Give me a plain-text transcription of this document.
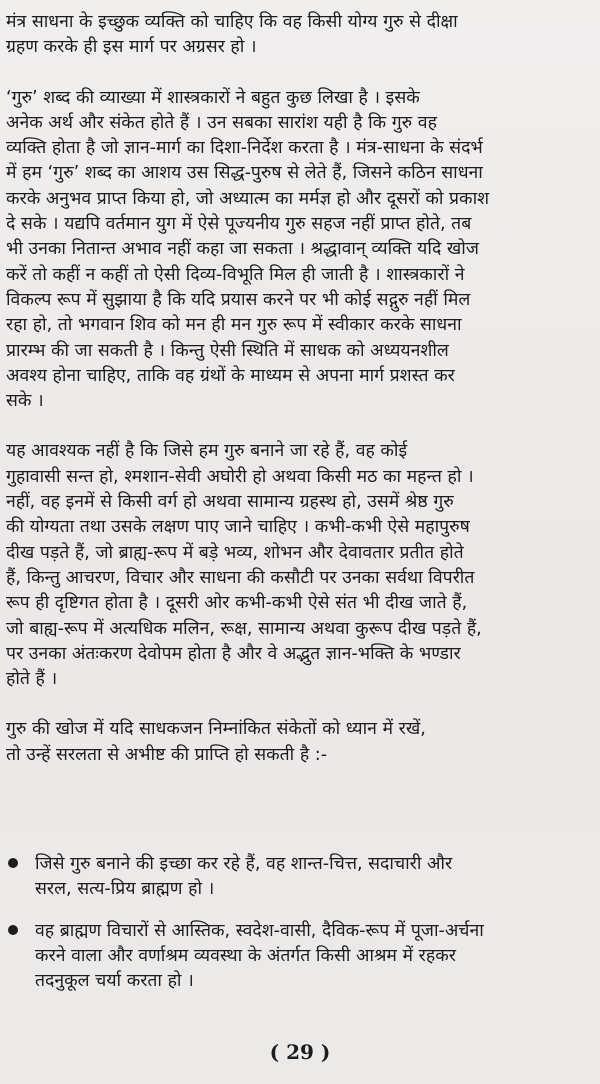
मंत्र साधना के इच्छुक व्यक्ति को चाहिए कि वह किसी योग्य गुरु से दीक्षा
ग्रहण करके ही इस मार्ग पर अग्रसर हो ।
‘गुरु’ शब्द की व्याख्या में शास्त्रकारों ने बहुत कुछ लिखा है । इसके
अनेक अर्थ और संकेत होते हैं । उन सबका सारांश यही है कि गुरु वह
व्यक्ति होता है जो ज्ञान-मार्ग का दिशा-निर्देश करता है । मंत्र-साधना के संदर्भ
में हम ‘गुरु’ शब्द का आशय उस सिद्ध-पुरुष से लेते हैं, जिसने कठिन साधना
करके अनुभव प्राप्त किया हो, जो अध्यात्म का मर्मज्ञ हो और दूसरों को प्रकाश
दे सके । यद्यपि वर्तमान युग में ऐसे पूज्यनीय गुरु सहज नहीं प्राप्त होते, तब
भी उनका नितान्त अभाव नहीं कहा जा सकता । श्रद्धावान् व्यक्ति यदि खोज
करें तो कहीं न कहीं तो ऐसी दिव्य-विभूति मिल ही जाती है । शास्त्रकारों ने
विकल्प रूप में सुझाया है कि यदि प्रयास करने पर भी कोई सद्गुरु नहीं मिल
रहा हो, तो भगवान शिव को मन ही मन गुरु रूप में स्वीकार करके साधना
प्रारम्भ की जा सकती है । किन्तु ऐसी स्थिति में साधक को अध्ययनशील
अवश्य होना चाहिए, ताकि वह ग्रंथों के माध्यम से अपना मार्ग प्रशस्त कर
सके ।
यह आवश्यक नहीं है कि जिसे हम गुरु बनाने जा रहे हैं, वह कोई
गुहावासी सन्त हो, श्मशान-सेवी अघोरी हो अथवा किसी मठ का महन्त हो ।
नहीं, वह इनमें से किसी वर्ग हो अथवा सामान्य ग्रहस्थ हो, उसमें श्रेष्ठ गुरु
की योग्यता तथा उसके लक्षण पाए जाने चाहिए । कभी-कभी ऐसे महापुरुष
दीख पड़ते हैं, जो ब्राह्य-रूप में बड़े भव्य, शोभन और देवावतार प्रतीत होते
हैं, किन्तु आचरण, विचार और साधना की कसौटी पर उनका सर्वथा विपरीत
रूप ही दृष्टिगत होता है । दूसरी ओर कभी-कभी ऐसे संत भी दीख जाते हैं,
जो बाह्य-रूप में अत्यधिक मलिन, रूक्ष, सामान्य अथवा कुरूप दीख पड़ते हैं,
पर उनका अंतःकरण देवोपम होता है और वे अद्भुत ज्ञान-भक्ति के भण्डार
होते हैं ।
गुरु की खोज में यदि साधकजन निम्नांकित संकेतों को ध्यान में रखें,
तो उन्हें सरलता से अभीष्ट की प्राप्ति हो सकती है :-
जिसे गुरु बनाने की इच्छा कर रहे हैं, वह शान्त-चित्त, सदाचारी और
सरल, सत्य-प्रिय ब्राह्मण हो ।
वह ब्राह्मण विचारों से आस्तिक, स्वदेश-वासी, दैविक-रूप में पूजा-अर्चना
करने वाला और वर्णाश्रम व्यवस्था के अंतर्गत किसी आश्रम में रहकर
तदनुकूल चर्या करता हो ।
( 29 )
